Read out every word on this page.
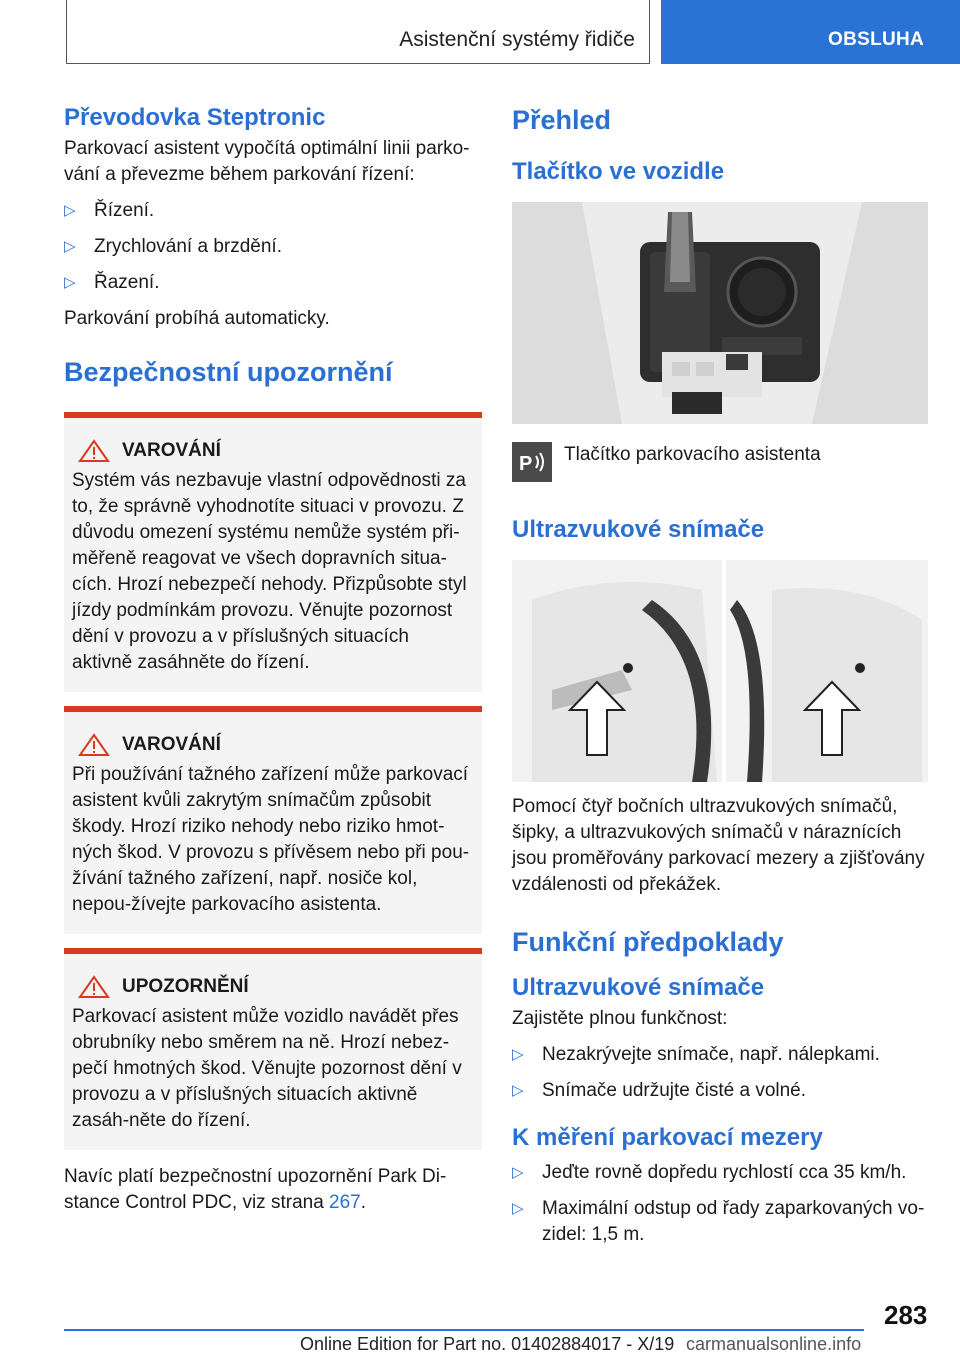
Asistenční systémy řidiče	OBSLUHA
Převodovka Steptronic

Parkovací asistent vypočítá optimální linii parko-vání a převezme během parkování řízení:

▷ Řízení.
▷ Zrychlování a brzdění.
▷ Řazení.

Parkování probíhá automaticky.

Bezpečnostní upozornění
VAROVÁNÍ
Systém vás nezbavuje vlastní odpovědnosti za to, že správně vyhodnotíte situaci v provozu. Z důvodu omezení systému nemůže systém při-měřeně reagovat ve všech dopravních situa-cích. Hrozí nebezpečí nehody. Přizpůsobte styl jízdy podmínkám provozu. Věnujte pozornost dění v provozu a v příslušných situacích aktivně zasáhněte do řízení.
VAROVÁNÍ
Při používání tažného zařízení může parkovací asistent kvůli zakrytým snímačům způsobit škody. Hrozí riziko nehody nebo riziko hmot-ných škod. V provozu s přívěsem nebo při pou-žívání tažného zařízení, např. nosiče kol, nepou-žívejte parkovacího asistenta.
UPOZORNĚNÍ
Parkovací asistent může vozidlo navádět přes obrubníky nebo směrem na ně. Hrozí nebez-pečí hmotných škod. Věnujte pozornost dění v provozu a v příslušných situacích aktivně zasáh-něte do řízení.

Navíc platí bezpečnostní upozornění Park Di-stance Control PDC, viz strana 267.

Přehled
Tlačítko ve vozidle
P Tlačítko parkovacího asistenta
Ultrazvukové snímače

Pomocí čtyř bočních ultrazvukových snímačů, šipky, a ultrazvukových snímačů v náraznících jsou proměřovány parkovací mezery a zjišťovány vzdálenosti od překážek.

Funkční předpoklady
Ultrazvukové snímače

Zajistěte plnou funkčnost:

▷ Nezakrývejte snímače, např. nálepkami.
▷ Snímače udržujte čisté a volné.
K měření parkovací mezery
▷ Jeďte rovně dopředu rychlostí cca 35 km/h.
▷ Maximální odstup od řady zaparkovaných vo-zidel: 1,5 m.
283
Online Edition for Part no. 01402884017 - X/19 carmanualsonline.info
